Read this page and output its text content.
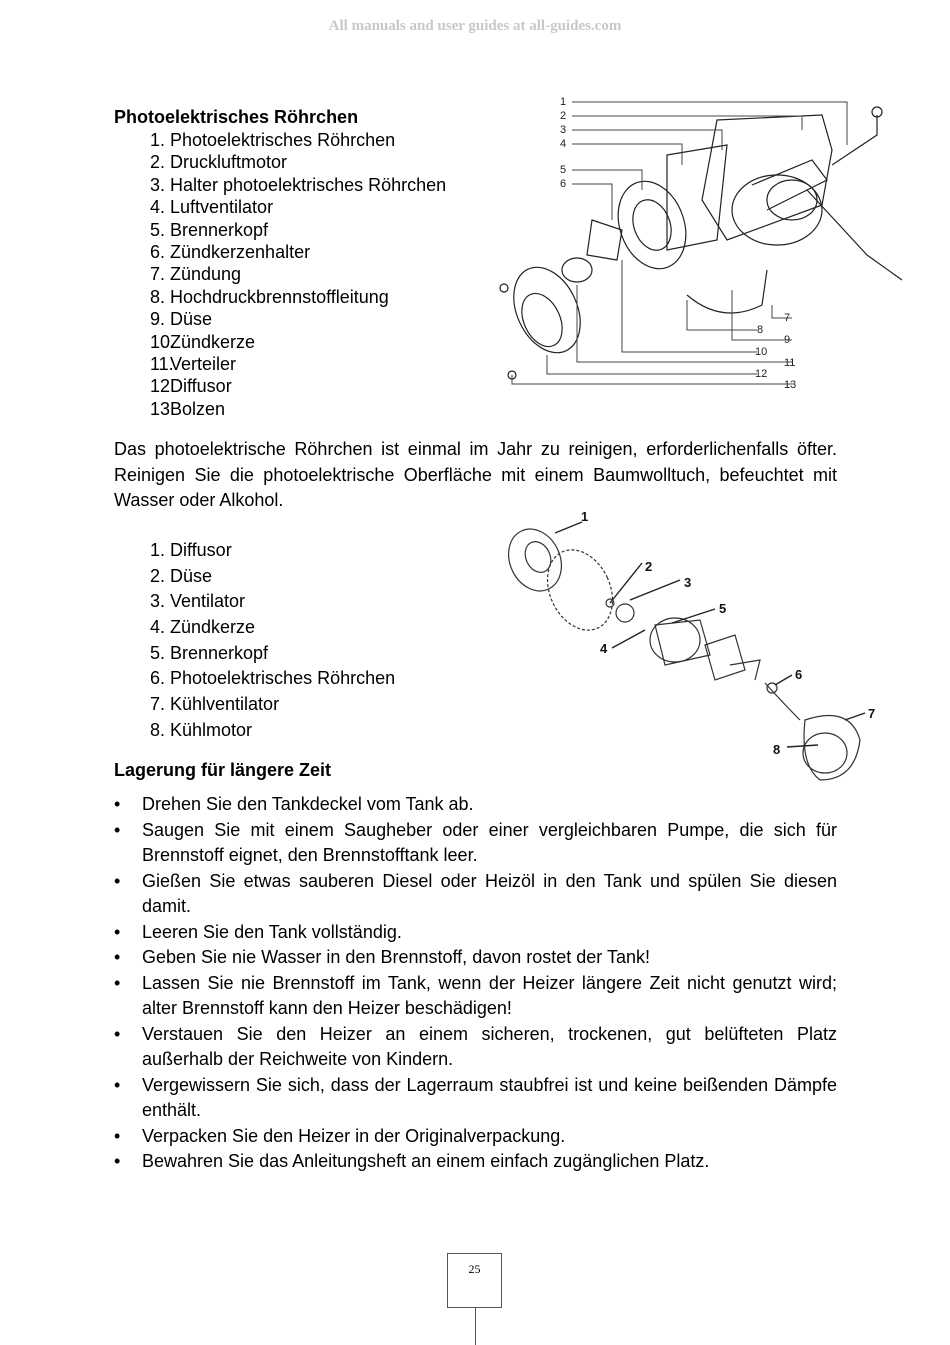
All manuals and user guides at all-guides.com
Photoelektrisches Röhrchen
1. Photoelektrisches Röhrchen
2. Druckluftmotor
3. Halter photoelektrisches Röhrchen
4. Luftventilator
5. Brennerkopf
6. Zündkerzenhalter
7. Zündung
8. Hochdruckbrennstoffleitung
9. Düse
10.
Zündkerze
11.
Verteiler
12.
Diffusor
13.
Bolzen
1
2
3
4
5
6
7
8
9
10
11
12
13

Das photoelektrische Röhrchen ist einmal im Jahr zu reinigen, erforderlichenfalls öfter. Reinigen Sie die photoelektrische Oberfläche mit einem Baumwolltuch, befeuchtet mit Wasser oder Alkohol.

1. Diffusor
2. Düse
3. Ventilator
4. Zündkerze
5. Brennerkopf
6. Photoelektrisches Röhrchen
7. Kühlventilator
8. Kühlmotor
1
2
3
5
4
6
7
8
Lagerung für längere Zeit
• Drehen Sie den Tankdeckel vom Tank ab.
• Saugen Sie mit einem Saugheber oder einer vergleichbaren Pumpe, die sich für Brennstoff eignet, den Brennstofftank leer.
• Gießen Sie etwas sauberen Diesel oder Heizöl in den Tank und spülen Sie diesen damit.
• Leeren Sie den Tank vollständig.
• Geben Sie nie Wasser in den Brennstoff, davon rostet der Tank!
• Lassen Sie nie Brennstoff im Tank, wenn der Heizer längere Zeit nicht genutzt wird; alter Brennstoff kann den Heizer beschädigen!
• Verstauen Sie den Heizer an einem sicheren, trockenen, gut belüfteten Platz außerhalb der Reichweite von Kindern.
• Vergewissern Sie sich, dass der Lagerraum staubfrei ist und keine beißenden Dämpfe enthält.
• Verpacken Sie den Heizer in der Originalverpackung.
• Bewahren Sie das Anleitungsheft an einem einfach zugänglichen Platz.
25
